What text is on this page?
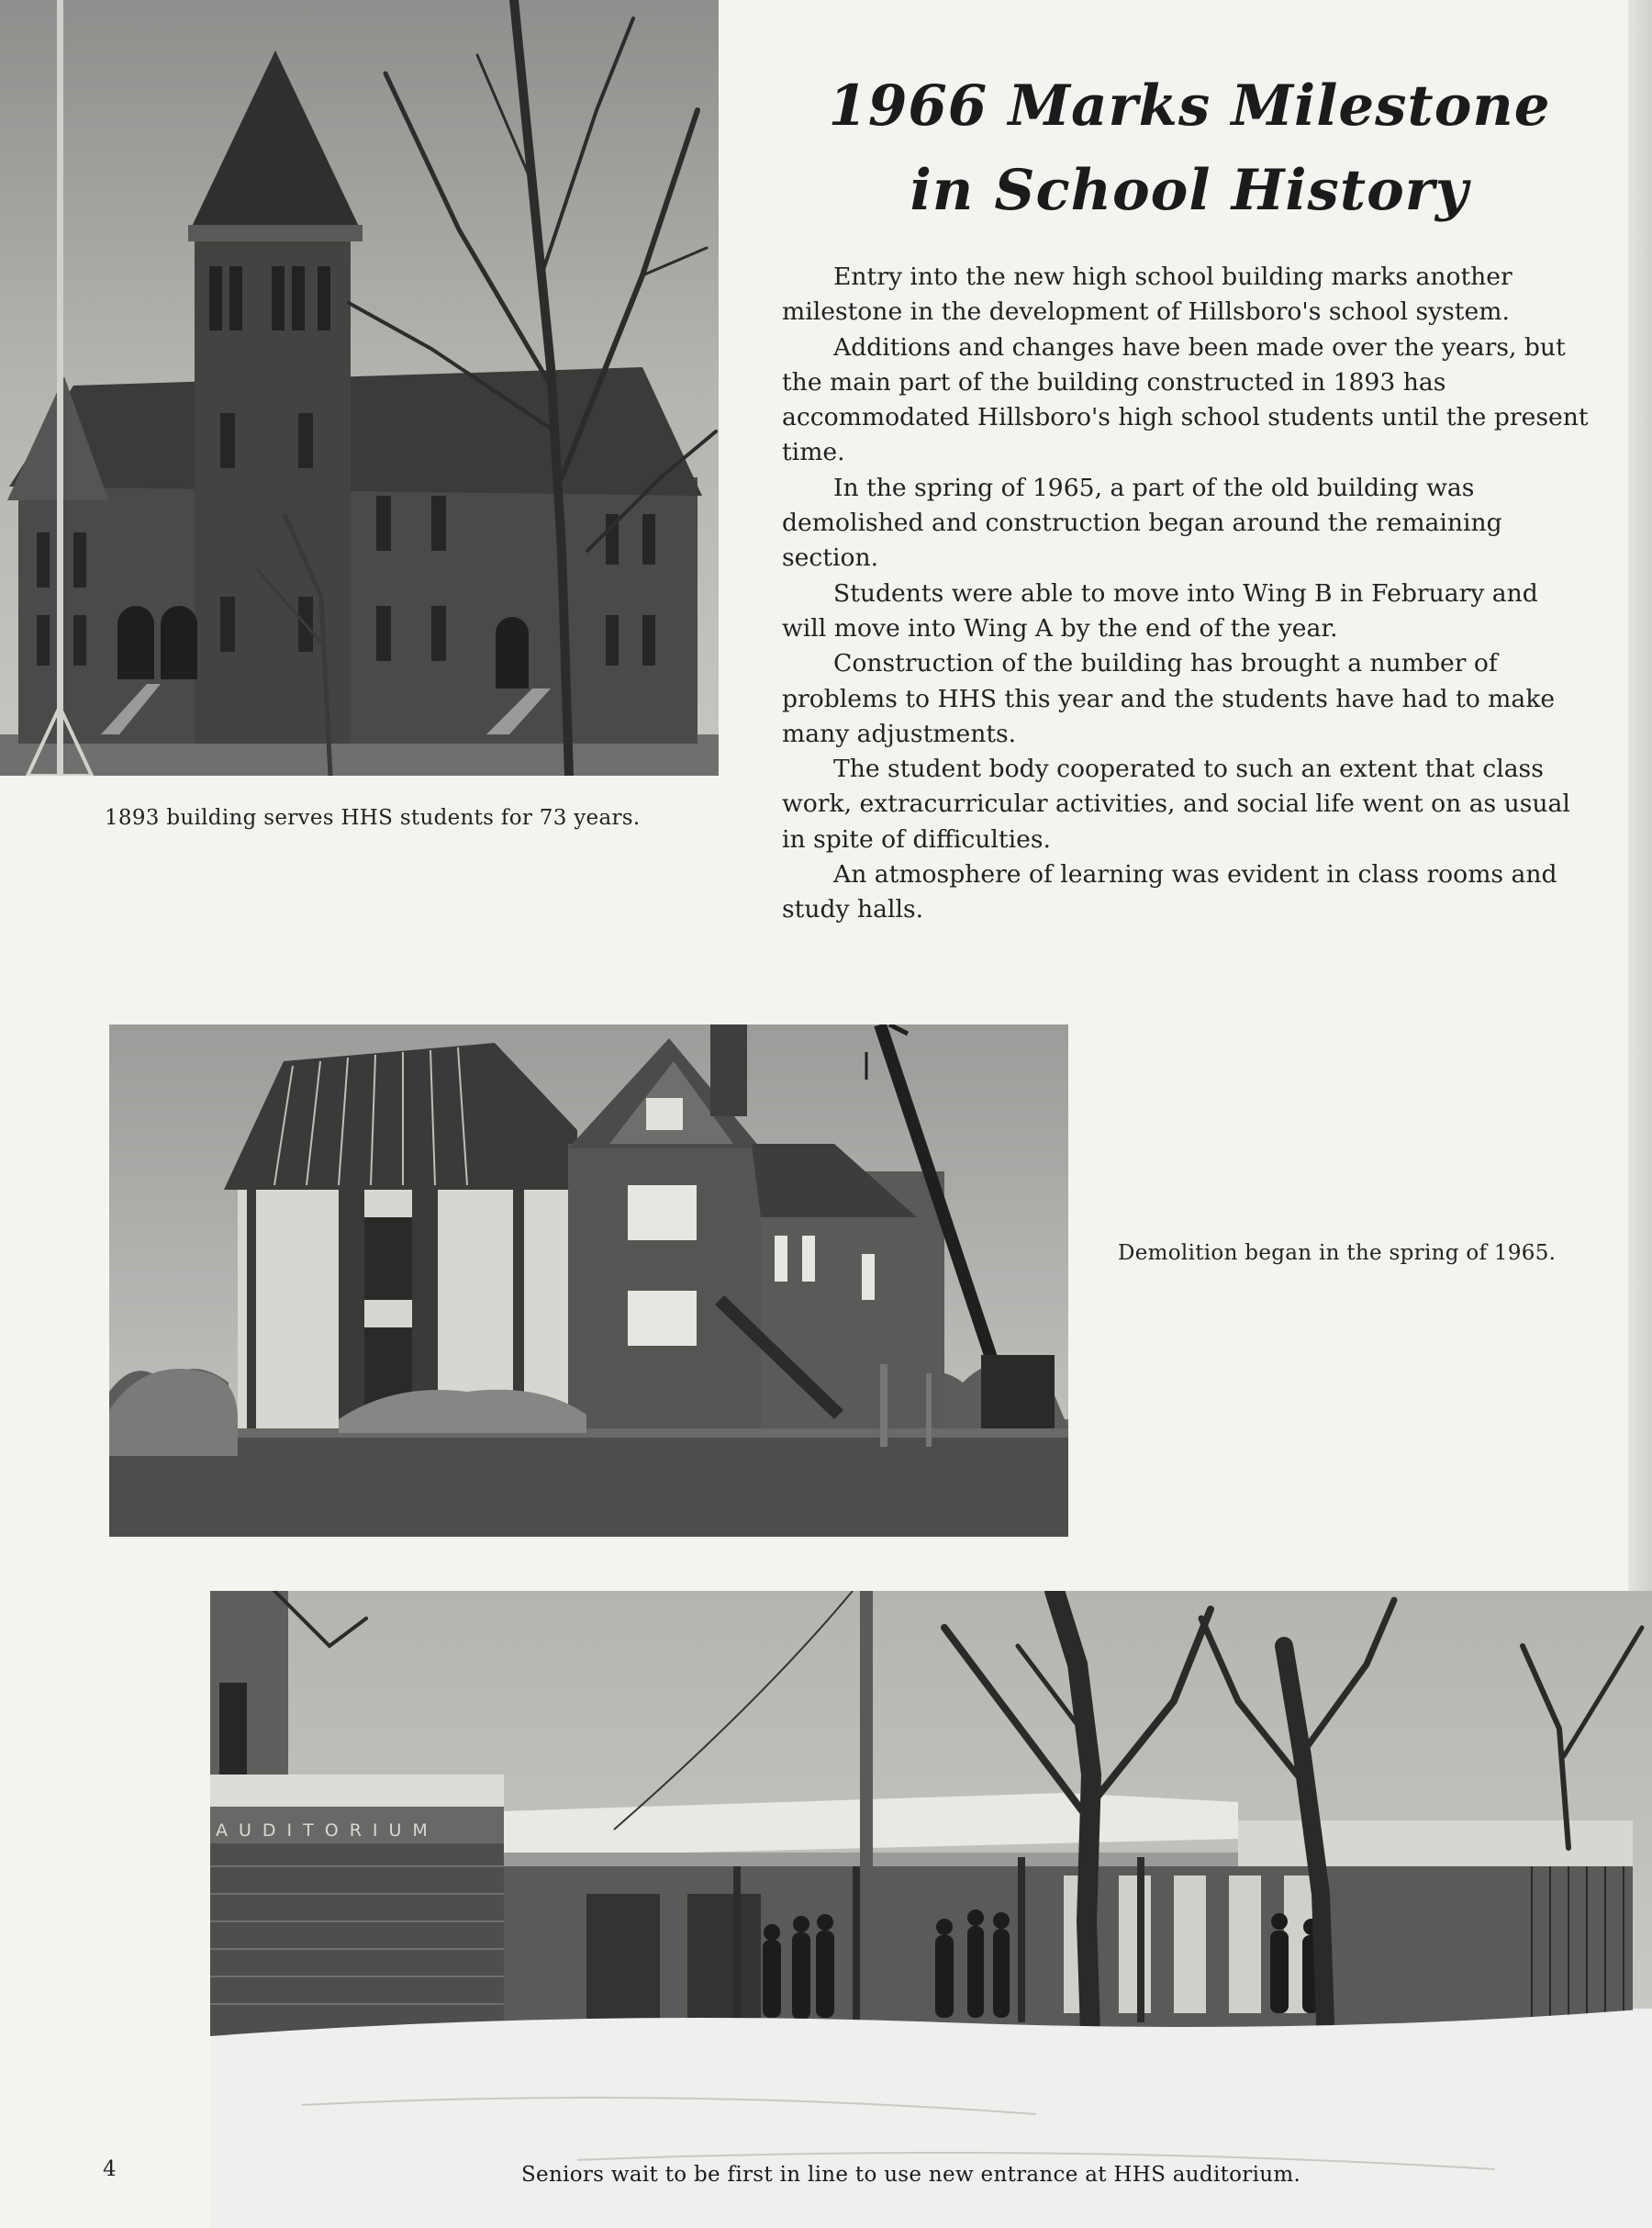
1893 building serves HHS students for 73 years.
1966 Marks Milestone
in School History

Entry into the new high school building marks another milestone in the development of Hillsboro's school system.

Additions and changes have been made over the years, but the main part of the building constructed in 1893 has accommodated Hillsboro's high school students until the present time.

In the spring of 1965, a part of the old building was demolished and construction began around the remaining section.

Students were able to move into Wing B in February and will move into Wing A by the end of the year.

Construction of the building has brought a number of problems to HHS this year and the students have had to make many adjustments.

The student body cooperated to such an extent that class work, extracurricular activities, and social life went on as usual in spite of difficulties.

An atmosphere of learning was evident in class rooms and study halls.

Demolition began in the spring of 1965.
AUDITORIUM
Seniors wait to be first in line to use new entrance at HHS auditorium.
4
